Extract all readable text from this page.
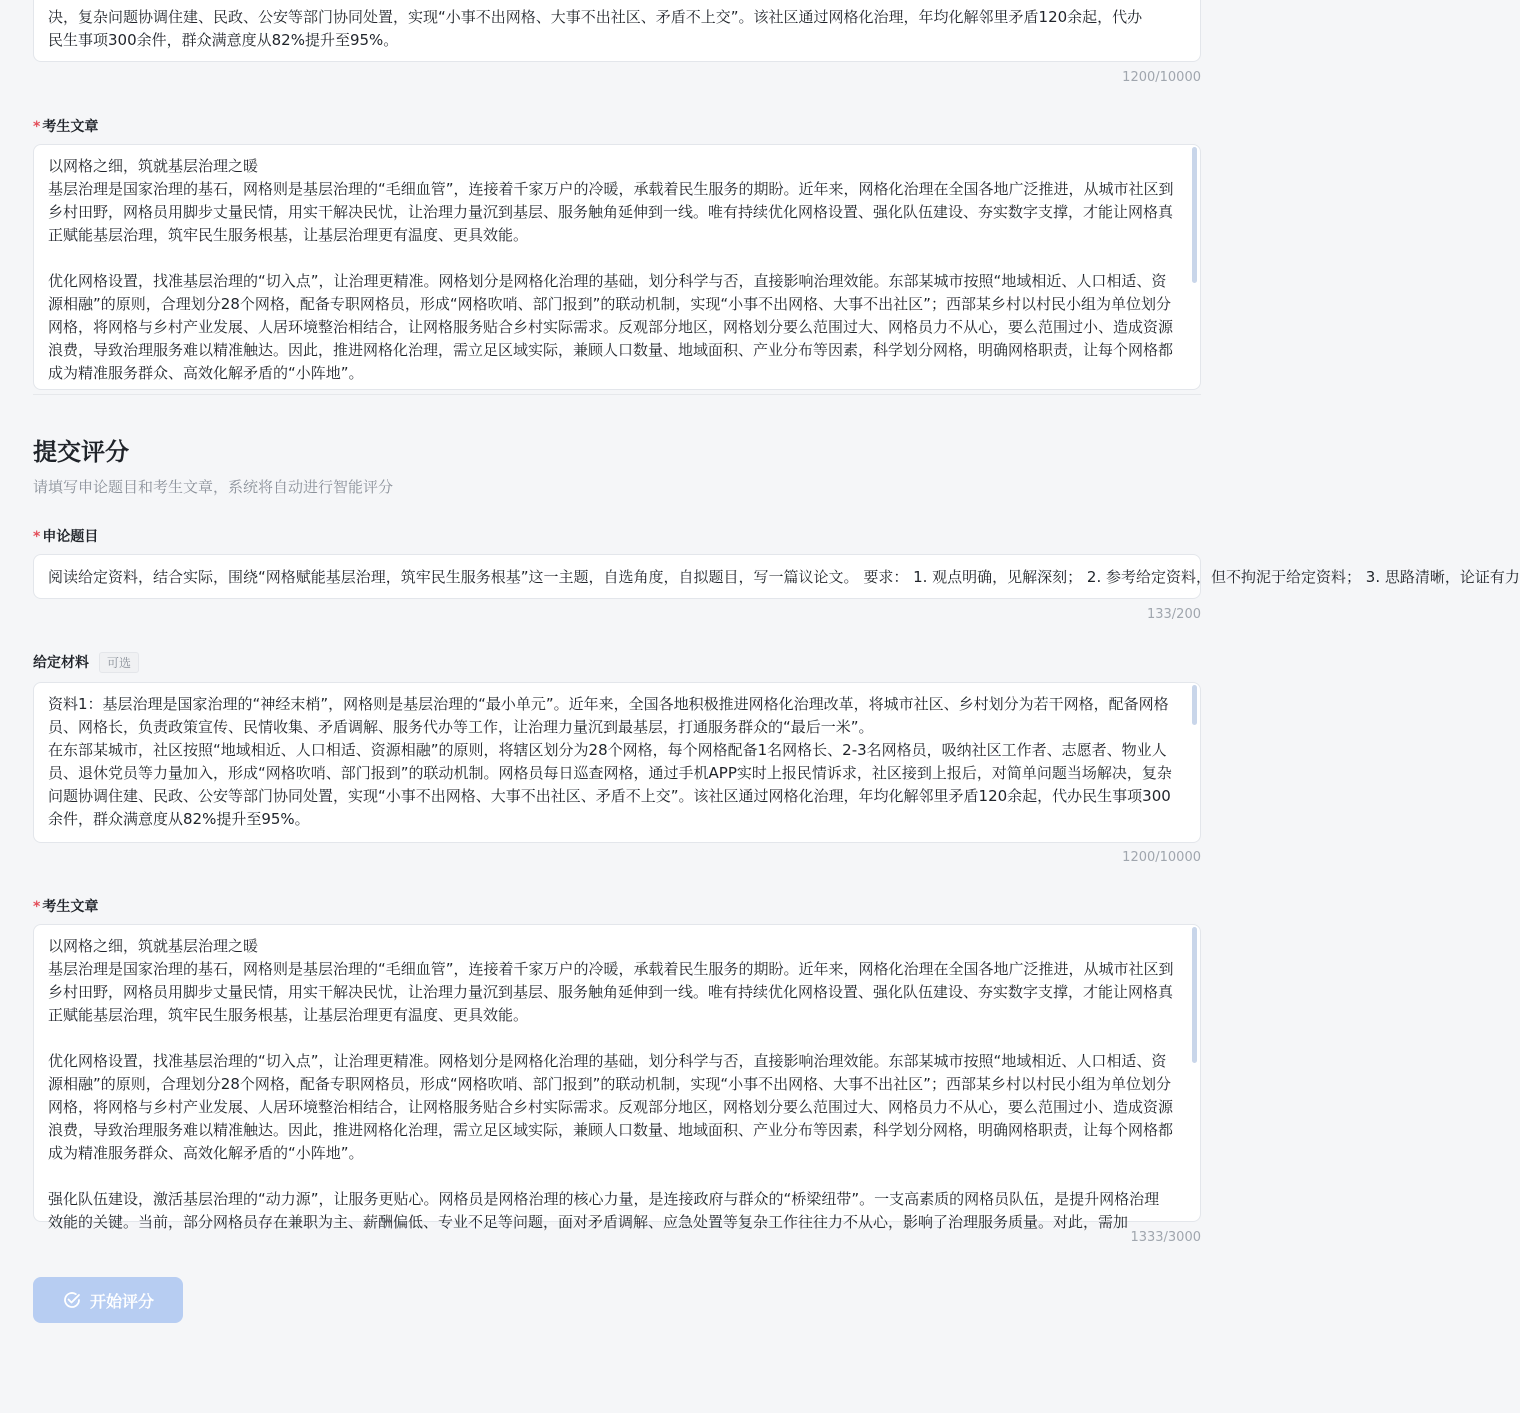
决，复杂问题协调住建、民政、公安等部门协同处置，实现“小事不出网格、大事不出社区、矛盾不上交”。该社区通过网格化治理，年均化解邻里矛盾120余起，代办
民生事项300余件，群众满意度从82%提升至95%。
1200/10000
* 考生文章
以网格之细，筑就基层治理之暖
基层治理是国家治理的基石，网格则是基层治理的“毛细血管”，连接着千家万户的冷暖，承载着民生服务的期盼。近年来，网格化治理在全国各地广泛推进，从城市社区到乡村田野，网格员用脚步丈量民情，用实干解决民忧，让治理力量沉到基层、服务触角延伸到一线。唯有持续优化网格设置、强化队伍建设、夯实数字支撑，才能让网格真正赋能基层治理，筑牢民生服务根基，让基层治理更有温度、更具效能。

优化网格设置，找准基层治理的“切入点”，让治理更精准。网格划分是网格化治理的基础，划分科学与否，直接影响治理效能。东部某城市按照“地域相近、人口相适、资源相融”的原则，合理划分28个网格，配备专职网格员，形成“网格吹哨、部门报到”的联动机制，实现“小事不出网格、大事不出社区”；西部某乡村以村民小组为单位划分网格，将网格与乡村产业发展、人居环境整治相结合，让网格服务贴合乡村实际需求。反观部分地区，网格划分要么范围过大、网格员力不从心，要么范围过小、造成资源浪费，导致治理服务难以精准触达。因此，推进网格化治理，需立足区域实际，兼顾人口数量、地域面积、产业分布等因素，科学划分网格，明确网格职责，让每个网格都成为精准服务群众、高效化解矛盾的“小阵地”。
提交评分
请填写申论题目和考生文章，系统将自动进行智能评分
* 申论题目
阅读给定资料，结合实际，围绕“网格赋能基层治理，筑牢民生服务根基”这一主题，自选角度，自拟题目，写一篇议论文。 要求： 1. 观点明确，见解深刻； 2. 参考给定资料，但不拘泥于给定资料； 3. 思路清晰，论证有力
133/200
给定材料 可选
资料1：基层治理是国家治理的“神经末梢”，网格则是基层治理的“最小单元”。近年来，全国各地积极推进网格化治理改革，将城市社区、乡村划分为若干网格，配备网格员、网格长，负责政策宣传、民情收集、矛盾调解、服务代办等工作，让治理力量沉到最基层，打通服务群众的“最后一米”。
在东部某城市，社区按照“地域相近、人口相适、资源相融”的原则，将辖区划分为28个网格，每个网格配备1名网格长、2-3名网格员，吸纳社区工作者、志愿者、物业人员、退休党员等力量加入，形成“网格吹哨、部门报到”的联动机制。网格员每日巡查网格，通过手机APP实时上报民情诉求，社区接到上报后，对简单问题当场解决，复杂问题协调住建、民政、公安等部门协同处置，实现“小事不出网格、大事不出社区、矛盾不上交”。该社区通过网格化治理，年均化解邻里矛盾120余起，代办民生事项300余件，群众满意度从82%提升至95%。
1200/10000
* 考生文章
以网格之细，筑就基层治理之暖
基层治理是国家治理的基石，网格则是基层治理的“毛细血管”，连接着千家万户的冷暖，承载着民生服务的期盼。近年来，网格化治理在全国各地广泛推进，从城市社区到乡村田野，网格员用脚步丈量民情，用实干解决民忧，让治理力量沉到基层、服务触角延伸到一线。唯有持续优化网格设置、强化队伍建设、夯实数字支撑，才能让网格真正赋能基层治理，筑牢民生服务根基，让基层治理更有温度、更具效能。

优化网格设置，找准基层治理的“切入点”，让治理更精准。网格划分是网格化治理的基础，划分科学与否，直接影响治理效能。东部某城市按照“地域相近、人口相适、资源相融”的原则，合理划分28个网格，配备专职网格员，形成“网格吹哨、部门报到”的联动机制，实现“小事不出网格、大事不出社区”；西部某乡村以村民小组为单位划分网格，将网格与乡村产业发展、人居环境整治相结合，让网格服务贴合乡村实际需求。反观部分地区，网格划分要么范围过大、网格员力不从心，要么范围过小、造成资源浪费，导致治理服务难以精准触达。因此，推进网格化治理，需立足区域实际，兼顾人口数量、地域面积、产业分布等因素，科学划分网格，明确网格职责，让每个网格都成为精准服务群众、高效化解矛盾的“小阵地”。

强化队伍建设，激活基层治理的“动力源”，让服务更贴心。网格员是网格治理的核心力量，是连接政府与群众的“桥梁纽带”。一支高素质的网格员队伍，是提升网格治理效能的关键。当前，部分网格员存在兼职为主、薪酬偏低、专业不足等问题，面对矛盾调解、应急处置等复杂工作往往力不从心，影响了治理服务质量。对此，需加
1333/3000
开始评分
